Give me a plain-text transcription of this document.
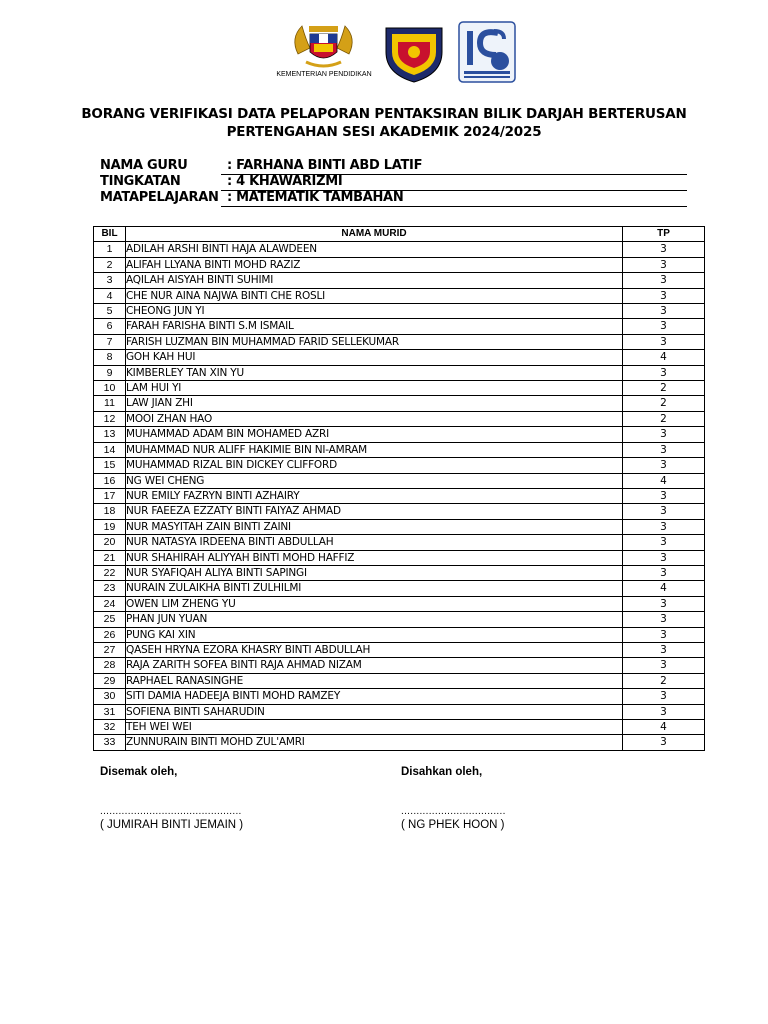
KEMENTERIAN PENDIDIKAN
BORANG VERIFIKASI DATA PELAPORAN PENTAKSIRAN BILIK DARJAH BERTERUSAN
PERTENGAHAN SESI AKADEMIK 2024/2025
NAMA GURU	: FARHANA BINTI ABD LATIF
TINGKATAN	: 4 KHAWARIZMI
MATAPELAJARAN : MATEMATIK TAMBAHAN
BIL	NAMA MURID	TP
1	ADILAH ARSHI BINTI HAJA ALAWDEEN	3
2	ALIFAH LLYANA BINTI MOHD RAZIZ	3
3	AQILAH AISYAH BINTI SUHIMI	3
4	CHE NUR AINA NAJWA BINTI CHE ROSLI	3
5	CHEONG JUN YI	3
6	FARAH FARISHA BINTI S.M ISMAIL	3
7	FARISH LUZMAN BIN MUHAMMAD FARID SELLEKUMAR	3
8	GOH KAH HUI	4
9	KIMBERLEY TAN XIN YU	3
10	LAM HUI YI	2
11	LAW JIAN ZHI	2
12	MOOI ZHAN HAO	2
13	MUHAMMAD ADAM BIN MOHAMED AZRI	3
14	MUHAMMAD NUR ALIFF HAKIMIE BIN NI-AMRAM	3
15	MUHAMMAD RIZAL BIN DICKEY CLIFFORD	3
16	NG WEI CHENG	4
17	NUR EMILY FAZRYN BINTI AZHAIRY	3
18	NUR FAEEZA EZZATY BINTI FAIYAZ AHMAD	3
19	NUR MASYITAH ZAIN BINTI ZAINI	3
20	NUR NATASYA IRDEENA BINTI ABDULLAH	3
21	NUR SHAHIRAH ALIYYAH BINTI MOHD HAFFIZ	3
22	NUR SYAFIQAH ALIYA BINTI SAPINGI	3
23	NURAIN ZULAIKHA BINTI ZULHILMI	4
24	OWEN LIM ZHENG YU	3
25	PHAN JUN YUAN	3
26	PUNG KAI XIN	3
27	QASEH HRYNA EZORA KHASRY BINTI ABDULLAH	3
28	RAJA ZARITH SOFEA BINTI RAJA AHMAD NIZAM	3
29	RAPHAEL RANASINGHE	2
30	SITI DAMIA HADEEJA BINTI MOHD RAMZEY	3
31	SOFIENA BINTI SAHARUDIN	3
32	TEH WEI WEI	4
33	ZUNNURAIN BINTI MOHD ZUL'AMRI	3
Disemak oleh,
..............................................
( JUMIRAH BINTI JEMAIN )
Disahkan oleh,
..................................
( NG PHEK HOON )
